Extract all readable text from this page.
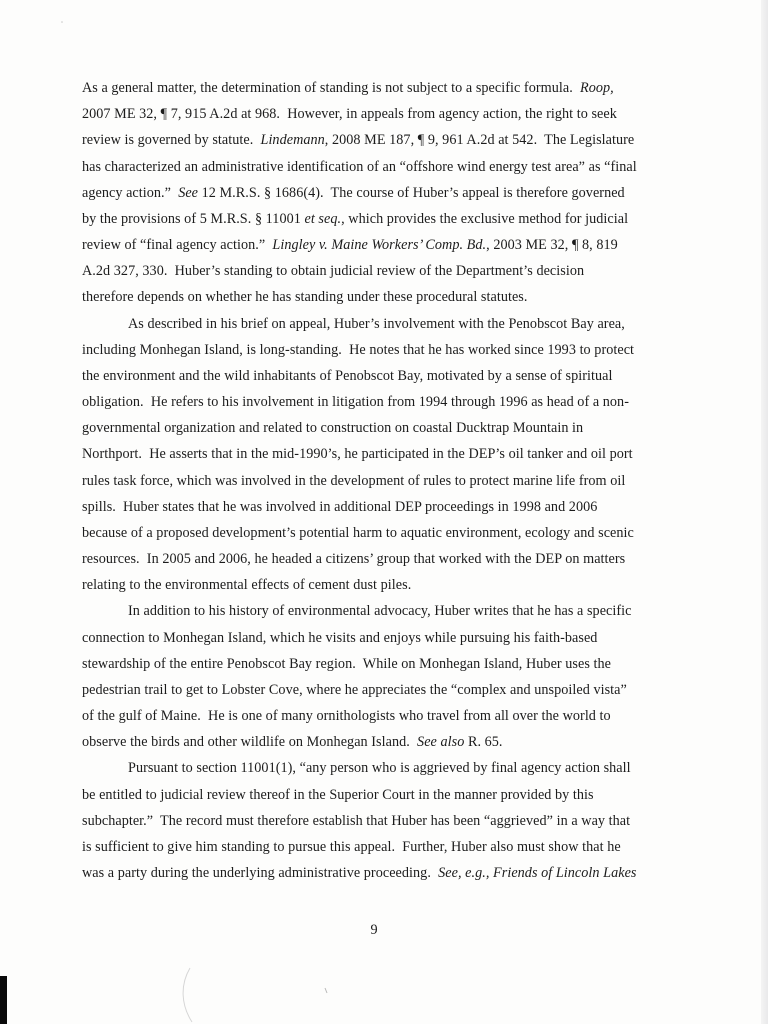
As a general matter, the determination of standing is not subject to a specific formula.  Roop,
2007 ME 32, ¶ 7, 915 A.2d at 968.  However, in appeals from agency action, the right to seek
review is governed by statute.  Lindemann, 2008 ME 187, ¶ 9, 961 A.2d at 542.  The Legislature
has characterized an administrative identification of an “offshore wind energy test area” as “final
agency action.”  See 12 M.R.S. § 1686(4).  The course of Huber’s appeal is therefore governed
by the provisions of 5 M.R.S. § 11001 et seq., which provides the exclusive method for judicial
review of “final agency action.”  Lingley v. Maine Workers’ Comp. Bd., 2003 ME 32, ¶ 8, 819
A.2d 327, 330.  Huber’s standing to obtain judicial review of the Department’s decision
therefore depends on whether he has standing under these procedural statutes.
As described in his brief on appeal, Huber’s involvement with the Penobscot Bay area,
including Monhegan Island, is long-standing.  He notes that he has worked since 1993 to protect
the environment and the wild inhabitants of Penobscot Bay, motivated by a sense of spiritual
obligation.  He refers to his involvement in litigation from 1994 through 1996 as head of a non-
governmental organization and related to construction on coastal Ducktrap Mountain in
Northport.  He asserts that in the mid-1990’s, he participated in the DEP’s oil tanker and oil port
rules task force, which was involved in the development of rules to protect marine life from oil
spills.  Huber states that he was involved in additional DEP proceedings in 1998 and 2006
because of a proposed development’s potential harm to aquatic environment, ecology and scenic
resources.  In 2005 and 2006, he headed a citizens’ group that worked with the DEP on matters
relating to the environmental effects of cement dust piles.
In addition to his history of environmental advocacy, Huber writes that he has a specific
connection to Monhegan Island, which he visits and enjoys while pursuing his faith-based
stewardship of the entire Penobscot Bay region.  While on Monhegan Island, Huber uses the
pedestrian trail to get to Lobster Cove, where he appreciates the “complex and unspoiled vista”
of the gulf of Maine.  He is one of many ornithologists who travel from all over the world to
observe the birds and other wildlife on Monhegan Island.  See also R. 65.
Pursuant to section 11001(1), “any person who is aggrieved by final agency action shall
be entitled to judicial review thereof in the Superior Court in the manner provided by this
subchapter.”  The record must therefore establish that Huber has been “aggrieved” in a way that
is sufficient to give him standing to pursue this appeal.  Further, Huber also must show that he
was a party during the underlying administrative proceeding.  See, e.g., Friends of Lincoln Lakes
9
